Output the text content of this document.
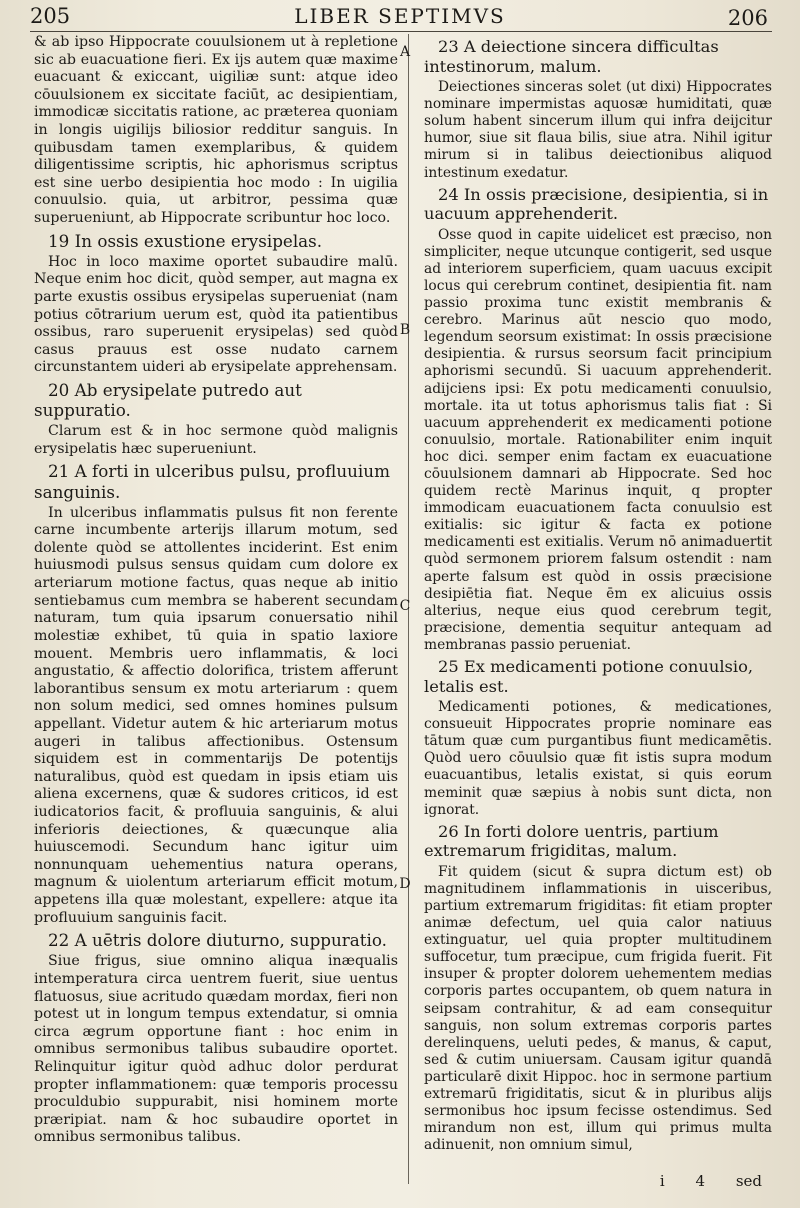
205	LIBER SEPTIMVS	206
A
B
C
D

& ab ipso Hippocrate couulsionem ut à repletione sic ab euacuatione fieri. Ex ijs autem quæ maxime euacuant & exiccant, uigiliæ sunt: atque ideo cōuulsionem ex siccitate faciūt, ac desipientiam, immodicæ siccitatis ratione, ac præterea quoniam in longis uigilijs biliosior redditur sanguis. In quibusdam tamen exemplaribus, & quidem diligentissime scriptis, hic aphorismus scriptus est sine uerbo desipientia hoc modo : In uigilia conuulsio. quia, ut arbitror, pessima quæ superueniunt, ab Hippocrate scribuntur hoc loco.

19 In ossis exustione erysipelas.

Hoc in loco maxime oportet subaudire malū. Neque enim hoc dicit, quòd semper, aut magna ex parte exustis ossibus erysipelas superueniat (nam potius cōtrarium uerum est, quòd ita patientibus ossibus, raro superuenit erysipelas) sed quòd casus prauus est osse nudato carnem circunstantem uideri ab erysipelate apprehensam.

20 Ab erysipelate putredo aut suppuratio.

Clarum est & in hoc sermone quòd malignis erysipelatis hæc superueniunt.

21 A forti in ulceribus pulsu, profluuium sanguinis.

In ulceribus inflammatis pulsus fit non ferente carne incumbente arterijs illarum motum, sed dolente quòd se attollentes inciderint. Est enim huiusmodi pulsus sensus quidam cum dolore ex arteriarum motione factus, quas neque ab initio sentiebamus cum membra se haberent secundam naturam, tum quia ipsarum conuersatio nihil molestiæ exhibet, tū quia in spatio laxiore mouent. Membris uero inflammatis, & loci angustatio, & affectio dolorifica, tristem afferunt laborantibus sensum ex motu arteriarum : quem non solum medici, sed omnes homines pulsum appellant. Videtur autem & hic arteriarum motus augeri in talibus affectionibus. Ostensum siquidem est in commentarijs De potentijs naturalibus, quòd est quedam in ipsis etiam uis aliena excernens, quæ & sudores criticos, id est iudicatorios facit, & profluuia sanguinis, & alui inferioris deiectiones, & quæcunque alia huiuscemodi. Secundum hanc igitur uim nonnunquam uehementius natura operans, magnum & uiolentum arteriarum efficit motum, appetens illa quæ molestant, expellere: atque ita profluuium sanguinis facit.

22 A uētris dolore diuturno, suppuratio.

Siue frigus, siue omnino aliqua inæqualis intemperatura circa uentrem fuerit, siue uentus flatuosus, siue acritudo quædam mordax, fieri non potest ut in longum tempus extendatur, si omnia circa ægrum opportune fiant : hoc enim in omnibus sermonibus talibus subaudire oportet. Relinquitur igitur quòd adhuc dolor perdurat propter inflammationem: quæ temporis processu proculdubio suppurabit, nisi hominem morte præripiat. nam & hoc subaudire oportet in omnibus sermonibus talibus.

23 A deiectione sincera difficultas intestinorum, malum.

Deiectiones sinceras solet (ut dixi) Hippocrates nominare impermistas aquosæ humiditati, quæ solum habent sincerum illum qui infra deijcitur humor, siue sit flaua bilis, siue atra. Nihil igitur mirum si in talibus deiectionibus aliquod intestinum exedatur.

24 In ossis præcisione, desipientia, si in uacuum apprehenderit.

Osse quod in capite uidelicet est præciso, non simpliciter, neque utcunque contigerit, sed usque ad interiorem superficiem, quam uacuus excipit locus qui cerebrum continet, desipientia fit. nam passio proxima tunc existit membranis & cerebro. Marinus aūt nescio quo modo, legendum seorsum existimat: In ossis præcisione desipientia. & rursus seorsum facit principium aphorismi secundū. Si uacuum apprehenderit. adijciens ipsi: Ex potu medicamenti conuulsio, mortale. ita ut totus aphorismus talis fiat : Si uacuum apprehenderit ex medicamenti potione conuulsio, mortale. Rationabiliter enim inquit hoc dici. semper enim factam ex euacuatione cōuulsionem damnari ab Hippocrate. Sed hoc quidem rectè Marinus inquit, q propter immodicam euacuationem facta conuulsio est exitialis: sic igitur & facta ex potione medicamenti est exitialis. Verum nō animaduertit quòd sermonem priorem falsum ostendit : nam aperte falsum est quòd in ossis præcisione desipiētia fiat. Neque ēm ex alicuius ossis alterius, neque eius quod cerebrum tegit, præcisione, dementia sequitur antequam ad membranas passio perueniat.

25 Ex medicamenti potione conuulsio, letalis est.

Medicamenti potiones, & medicationes, consueuit Hippocrates proprie nominare eas tātum quæ cum purgantibus fiunt medicamētis. Quòd uero cōuulsio quæ fit istis supra modum euacuantibus, letalis existat, si quis eorum meminit quæ sæpius à nobis sunt dicta, non ignorat.

26 In forti dolore uentris, partium extremarum frigiditas, malum.

Fit quidem (sicut & supra dictum est) ob magnitudinem inflammationis in uisceribus, partium extremarum frigiditas: fit etiam propter animæ defectum, uel quia calor natiuus extinguatur, uel quia propter multitudinem suffocetur, tum præcipue, cum frigida fuerit. Fit insuper & propter dolorem uehementem medias corporis partes occupantem, ob quem natura in seipsam contrahitur, & ad eam consequitur sanguis, non solum extremas corporis partes derelinquens, ueluti pedes, & manus, & caput, sed & cutim uniuersam. Causam igitur quandā particularē dixit Hippoc. hoc in sermone partium extremarū frigiditatis, sicut & in pluribus alijs sermonibus hoc ipsum fecisse ostendimus. Sed mirandum non est, illum qui primus multa adinuenit, non omnium simul,

i 4 sed
